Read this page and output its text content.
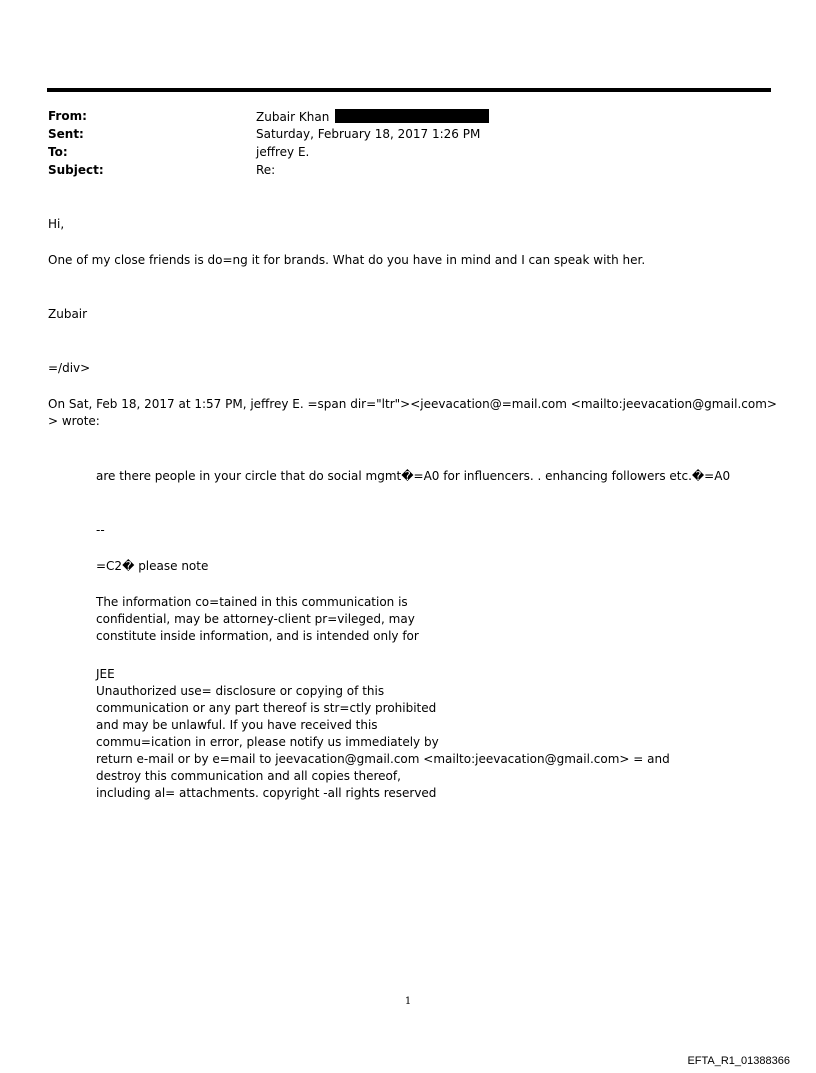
From:	Zubair Khan
Sent:	Saturday, February 18, 2017 1:26 PM
To:	jeffrey E.
Subject:	Re:
Hi,
One of my close friends is do=ng it for brands. What do you have in mind and I can speak with her.
Zubair
=/div>
On Sat, Feb 18, 2017 at 1:57 PM, jeffrey E. =span dir="ltr"><jeevacation@=mail.com <mailto:jeevacation@gmail.com> > wrote:
are there people in your circle that do social mgmt�=A0 for influencers. . enhancing followers etc.�=A0
--
=C2� please note
The information co=tained in this communication is
confidential, may be attorney-client pr=vileged, may
constitute inside information, and is intended only for
JEE
Unauthorized use= disclosure or copying of this
communication or any part thereof is str=ctly prohibited
and may be unlawful. If you have received this
commu=ication in error, please notify us immediately by
return e-mail or by e=mail to jeevacation@gmail.com <mailto:jeevacation@gmail.com> = and
destroy this communication and all copies thereof,
including al= attachments. copyright -all rights reserved
1
EFTA_R1_01388366
